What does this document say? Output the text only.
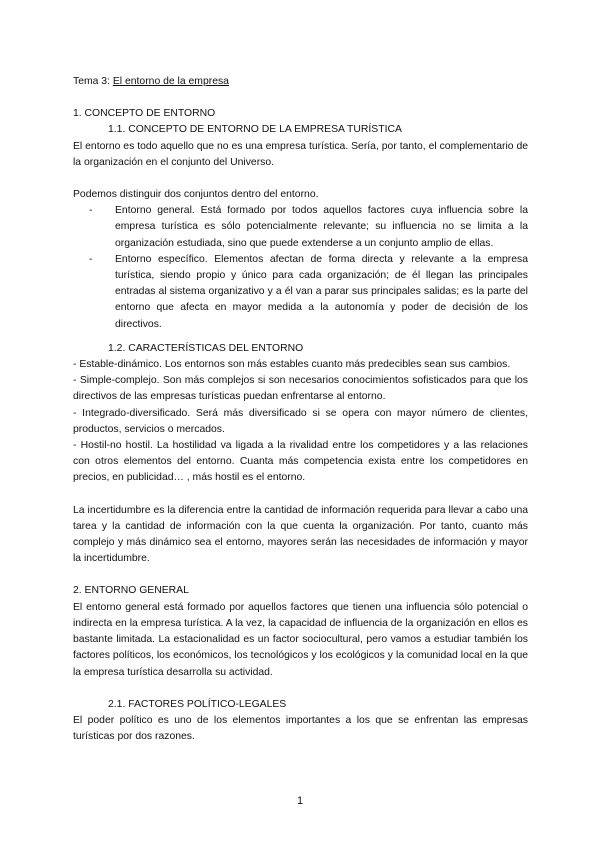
Tema 3: El entorno de la empresa

1. CONCEPTO DE ENTORNO

1.1. CONCEPTO DE ENTORNO DE LA EMPRESA TURÍSTICA

El entorno es todo aquello que no es una empresa turística. Sería, por tanto, el complementario de la organización en el conjunto del Universo.

Podemos distinguir dos conjuntos dentro del entorno.

-	Entorno general. Está formado por todos aquellos factores cuya influencia sobre la empresa turística es sólo potencialmente relevante; su influencia no se limita a la organización estudiada, sino que puede extenderse a un conjunto amplio de ellas.
-	Entorno específico. Elementos afectan de forma directa y relevante a la empresa turística, siendo propio y único para cada organización; de él llegan las principales entradas al sistema organizativo y a él van a parar sus principales salidas; es la parte del entorno que afecta en mayor medida a la autonomía y poder de decisión de los directivos.

1.2. CARACTERÍSTICAS DEL ENTORNO

- Estable-dinámico. Los entornos son más estables cuanto más predecibles sean sus cambios.

- Simple-complejo. Son más complejos si son necesarios conocimientos sofisticados para que los directivos de las empresas turísticas puedan enfrentarse al entorno.

- Integrado-diversificado. Será más diversificado si se opera con mayor número de clientes, productos, servicios o mercados.

- Hostil-no hostil. La hostilidad va ligada a la rivalidad entre los competidores y a las relaciones con otros elementos del entorno. Cuanta más competencia exista entre los competidores en precios, en publicidad… , más hostil es el entorno.

La incertidumbre es la diferencia entre la cantidad de información requerida para llevar a cabo una tarea y la cantidad de información con la que cuenta la organización. Por tanto, cuanto más complejo y más dinámico sea el entorno, mayores serán las necesidades de información y mayor la incertidumbre.

2. ENTORNO GENERAL

El entorno general está formado por aquellos factores que tienen una influencia sólo potencial o indirecta en la empresa turística. A la vez, la capacidad de influencia de la organización en ellos es bastante limitada. La estacionalidad es un factor sociocultural, pero vamos a estudiar también los factores políticos, los económicos, los tecnológicos y los ecológicos y la comunidad local en la que la empresa turística desarrolla su actividad.

2.1. FACTORES POLÍTICO-LEGALES

El poder político es uno de los elementos importantes a los que se enfrentan las empresas turísticas por dos razones.

1
